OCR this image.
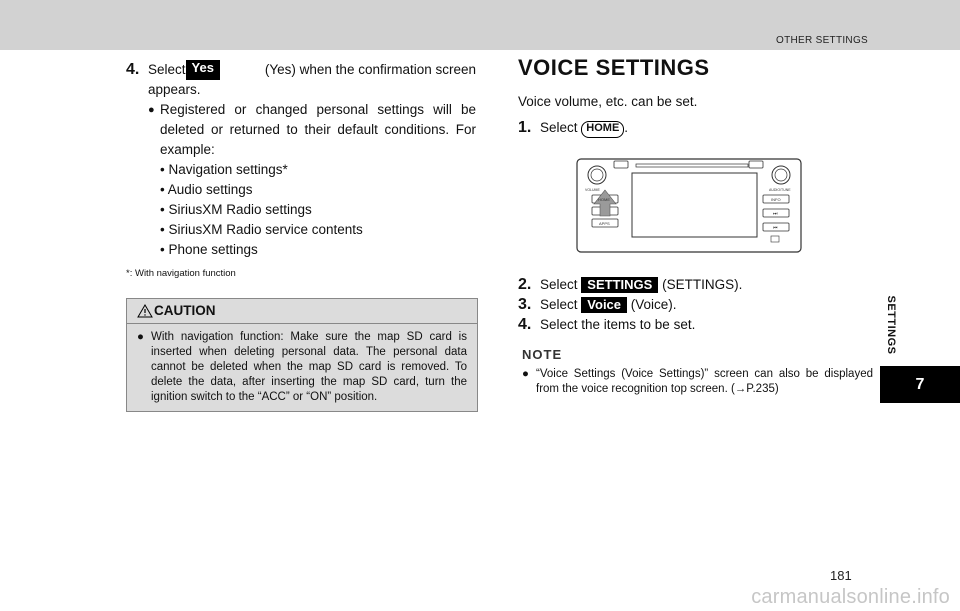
OTHER SETTINGS
SETTINGS
7
4. Select Yes	(Yes) when the confirmation screen
appears.
● Registered or changed personal settings will be deleted or returned to their default conditions. For example:
• Navigation settings*
• Audio settings
• SiriusXM Radio settings
• SiriusXM Radio service contents
• Phone settings
*: With navigation function
CAUTION
● With navigation function: Make sure the map SD card is inserted when deleting personal data. The personal data cannot be deleted when the map SD card is removed. To delete the data, after inserting the map SD card, turn the ignition switch to the “ACC” or “ON” position.
VOICE SETTINGS
Voice volume, etc. can be set.
1. Select
HOME .
VOLUME	AUDIO/TUNE
HOME
APPS
INFO
⏭
⏮
2. Select
SETTINGS
(SETTINGS).
3. Select
Voice
(Voice).
4. Select the items to be set.
NOTE
● “Voice Settings (Voice Settings)” screen can also be displayed from the voice recognition top screen. (→P.235)
181
carmanualsonline.info
